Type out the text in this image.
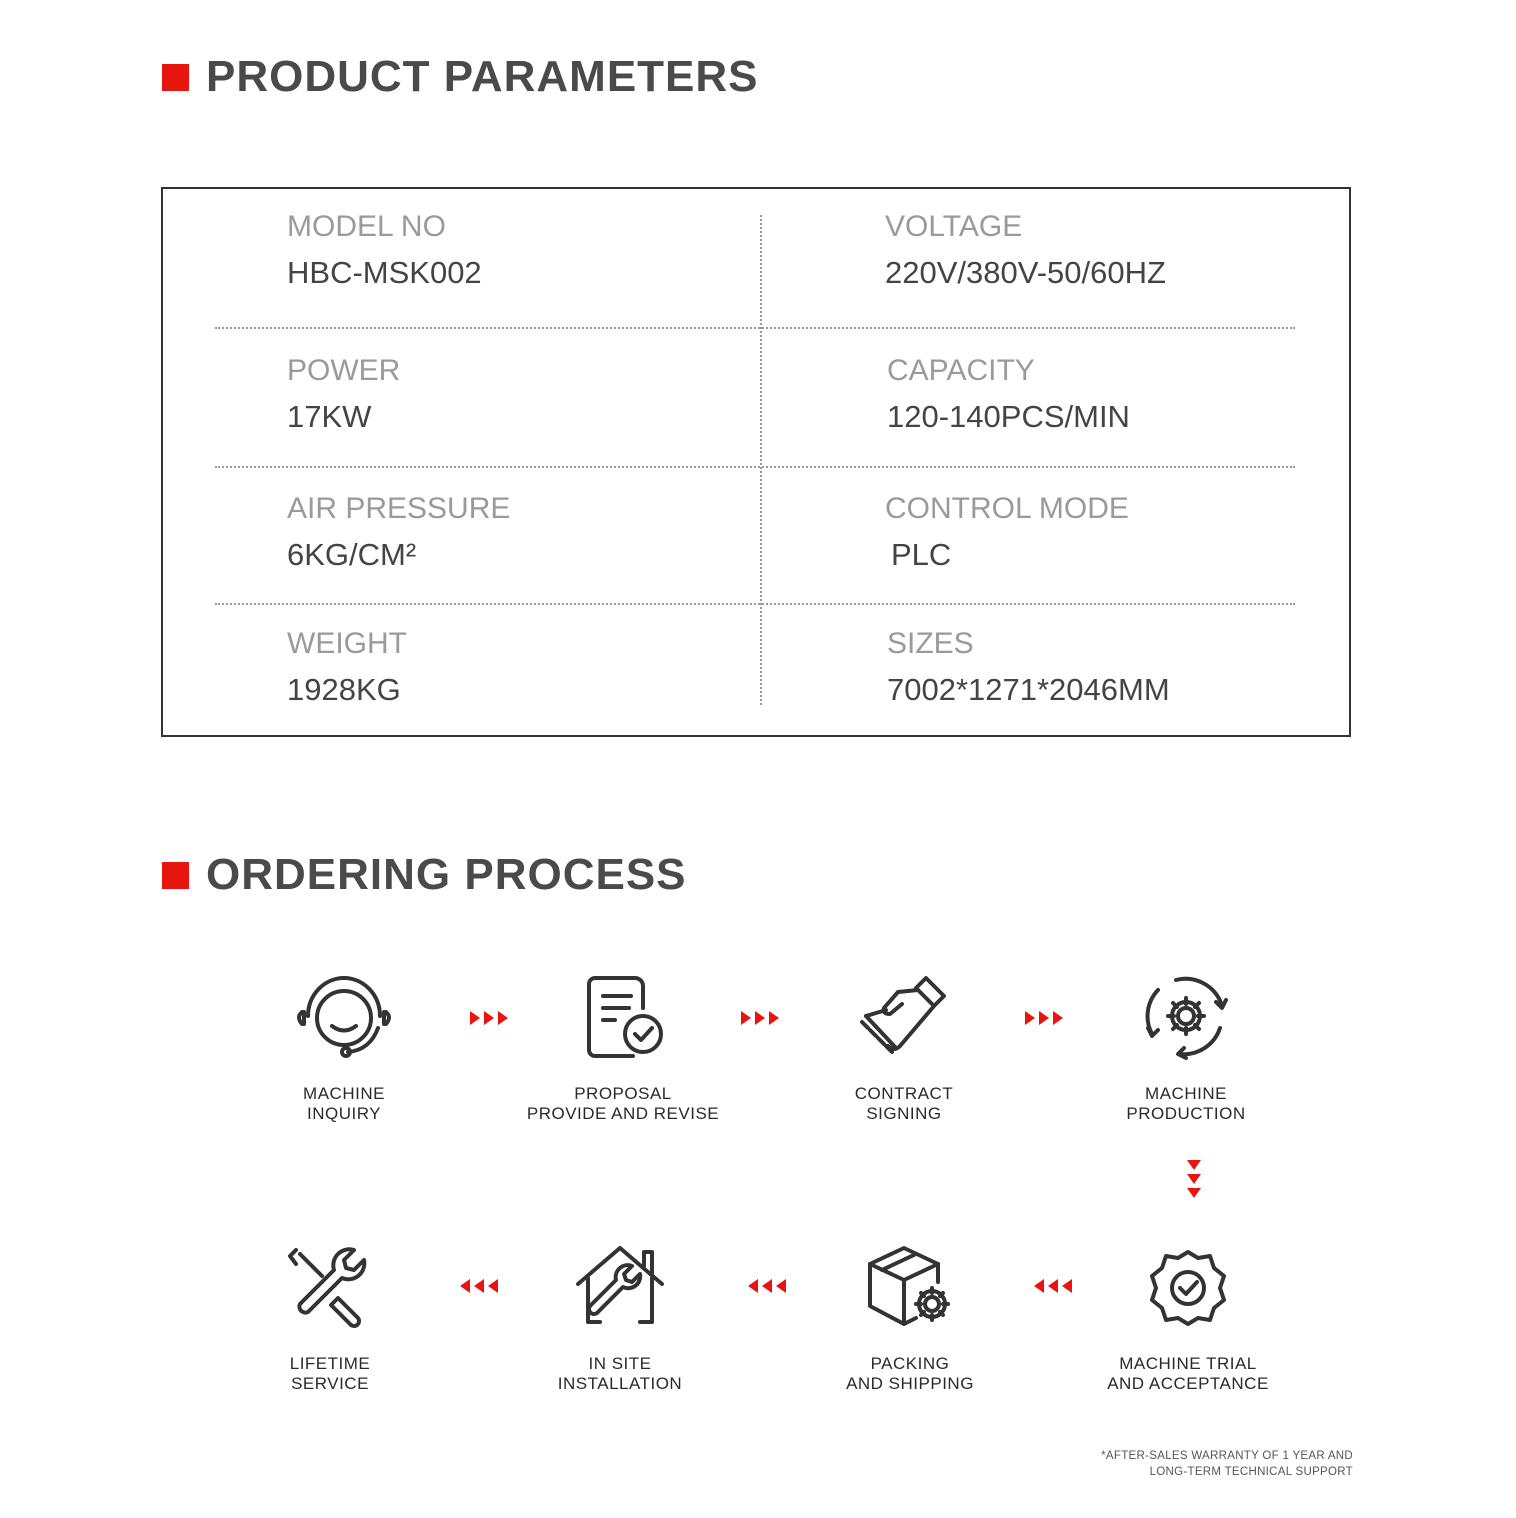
PRODUCT PARAMETERS
MODEL NO
HBC-MSK002
VOLTAGE
220V/380V-50/60HZ
POWER
17KW
CAPACITY
120-140PCS/MIN
AIR PRESSURE
6KG/CM²
CONTROL MODE
PLC
WEIGHT
1928KG
SIZES
7002*1271*2046MM
ORDERING PROCESS
MACHINE
INQUIRY
PROPOSAL
PROVIDE AND REVISE
CONTRACT
SIGNING
MACHINE
PRODUCTION
LIFETIME
SERVICE
IN SITE
INSTALLATION
PACKING
AND SHIPPING
MACHINE TRIAL
AND ACCEPTANCE
*AFTER-SALES WARRANTY OF 1 YEAR AND
LONG-TERM TECHNICAL SUPPORT
